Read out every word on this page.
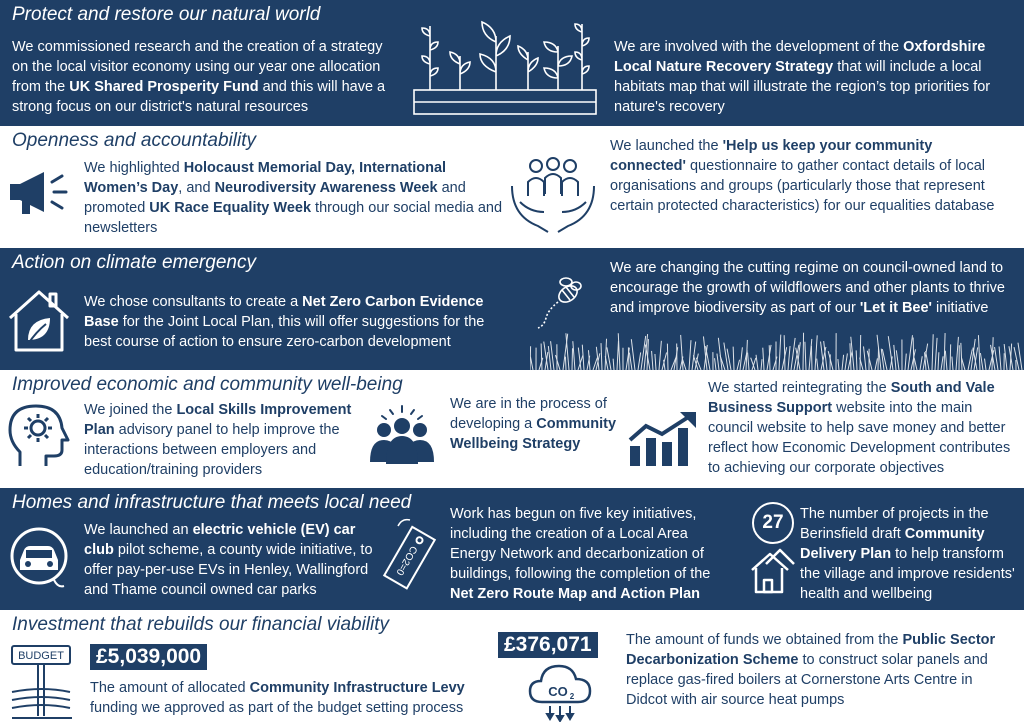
Protect and restore our natural world
We commissioned research and the creation of a strategy on the local visitor economy using our year one allocation from the UK Shared Prosperity Fund and this will have a strong focus on our district's natural resources
We are involved with the development of the Oxfordshire Local Nature Recovery Strategy that will include a local habitats map that will illustrate the region’s top priorities for nature's recovery
Openness and accountability
We highlighted Holocaust Memorial Day, International Women’s Day, and Neurodiversity Awareness Week and promoted UK Race Equality Week through our social media and newsletters
We launched the 'Help us keep your community connected' questionnaire to gather contact details of local organisations and groups (particularly those that represent certain protected characteristics) for our equalities database
Action on climate emergency
We chose consultants to create a Net Zero Carbon Evidence Base for the Joint Local Plan, this will offer suggestions for the best course of action to ensure zero-carbon development
We are changing the cutting regime on council-owned land to encourage the growth of wildflowers and other plants to thrive and improve biodiversity as part of our 'Let it Bee' initiative
Improved economic and community well-being
We joined the Local Skills Improvement Plan advisory panel to help improve the interactions between employers and education/training providers
We are in the process of developing a Community Wellbeing Strategy
We started reintegrating the South and Vale Business Support website into the main council website to help save money and better reflect how Economic Development contributes to achieving our corporate objectives
Homes and infrastructure that meets local need
We launched an electric vehicle (EV) car club pilot scheme, a county wide initiative, to offer pay-per-use EVs in Henley, Wallingford and Thame council owned car parks
CO2=0
Work has begun on five key initiatives, including the creation of a Local Area Energy Network and decarbonization of buildings, following the completion of the Net Zero Route Map and Action Plan
27	The number of projects in the Berinsfield draft Community Delivery Plan to help transform the village and improve residents' health and wellbeing
Investment that rebuilds our financial viability
BUDGET £5,039,000
The amount of allocated Community Infrastructure Levy funding we approved as part of the budget setting process
£376,071
CO 2
The amount of funds we obtained from the Public Sector Decarbonization Scheme to construct solar panels and replace gas-fired boilers at Cornerstone Arts Centre in Didcot with air source heat pumps
